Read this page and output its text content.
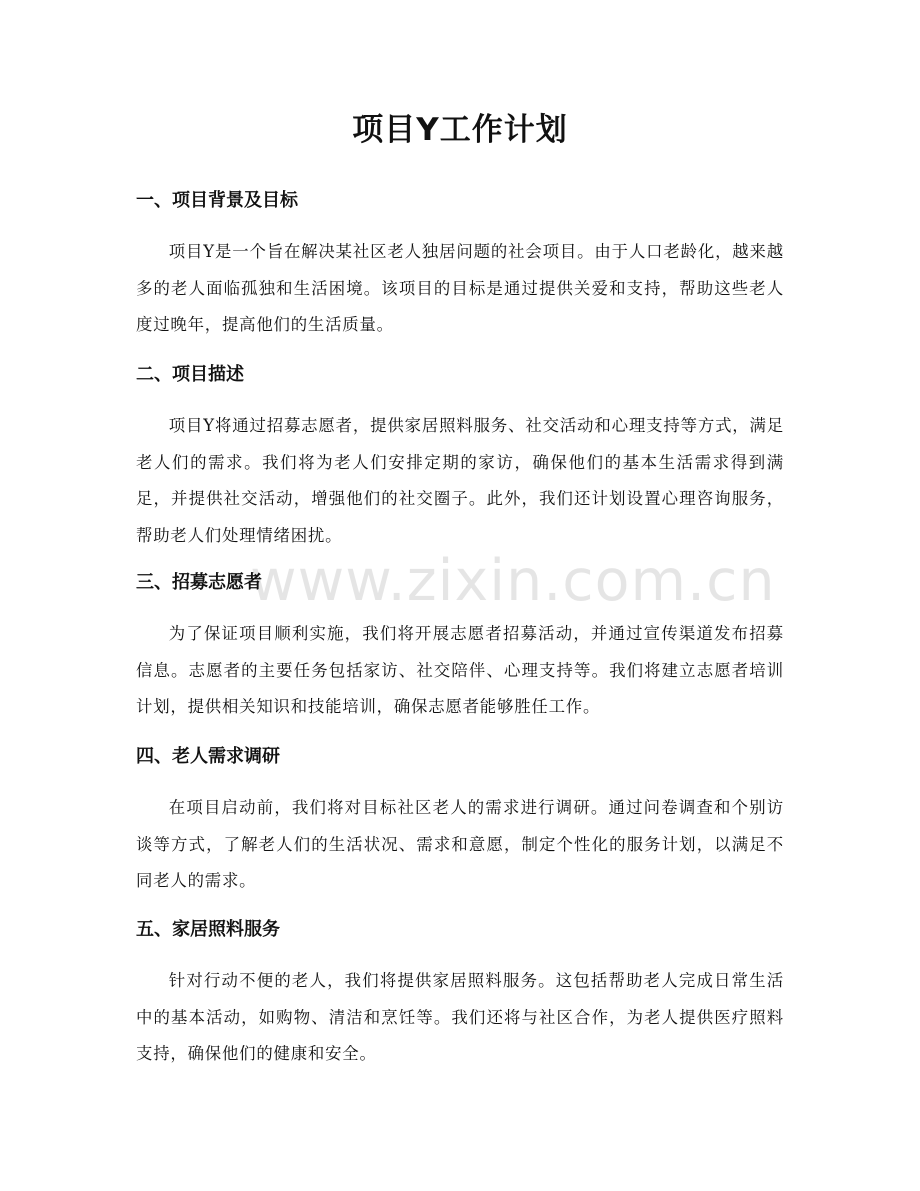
项目Y工作计划
一、项目背景及目标

项目Y是一个旨在解决某社区老人独居问题的社会项目。由于人口老龄化，越来越多的老人面临孤独和生活困境。该项目的目标是通过提供关爱和支持，帮助这些老人度过晚年，提高他们的生活质量。

二、项目描述

项目Y将通过招募志愿者，提供家居照料服务、社交活动和心理支持等方式，满足老人们的需求。我们将为老人们安排定期的家访，确保他们的基本生活需求得到满足，并提供社交活动，增强他们的社交圈子。此外，我们还计划设置心理咨询服务，帮助老人们处理情绪困扰。

三、招募志愿者

为了保证项目顺利实施，我们将开展志愿者招募活动，并通过宣传渠道发布招募信息。志愿者的主要任务包括家访、社交陪伴、心理支持等。我们将建立志愿者培训计划，提供相关知识和技能培训，确保志愿者能够胜任工作。

四、老人需求调研

在项目启动前，我们将对目标社区老人的需求进行调研。通过问卷调查和个别访谈等方式，了解老人们的生活状况、需求和意愿，制定个性化的服务计划，以满足不同老人的需求。

五、家居照料服务

针对行动不便的老人，我们将提供家居照料服务。这包括帮助老人完成日常生活中的基本活动，如购物、清洁和烹饪等。我们还将与社区合作，为老人提供医疗照料支持，确保他们的健康和安全。

www.zixin.com.cn
